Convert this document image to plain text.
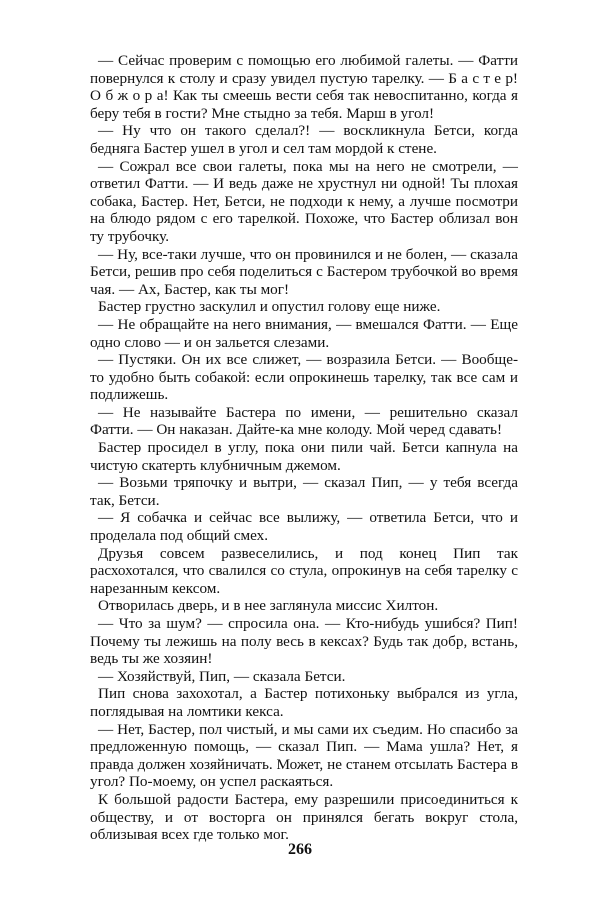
— Сейчас проверим с помощью его любимой галеты. — Фатти повернулся к столу и сразу увидел пустую тарелку. — Б а с т е р! О б ж о р а! Как ты смеешь вести себя так невоспитанно, когда я беру тебя в гости? Мне стыдно за тебя. Марш в угол!

— Ну что он такого сделал?! — воскликнула Бетси, когда бедняга Бастер ушел в угол и сел там мордой к стене.

— Сожрал все свои галеты, пока мы на него не смотрели, — ответил Фатти. — И ведь даже не хрустнул ни одной! Ты плохая собака, Бастер. Нет, Бетси, не подходи к нему, а лучше посмотри на блюдо рядом с его тарелкой. Похоже, что Бастер облизал вон ту трубочку.

— Ну, все-таки лучше, что он провинился и не болен, — сказала Бетси, решив про себя поделиться с Бастером трубочкой во время чая. — Ах, Бастер, как ты мог!

Бастер грустно заскулил и опустил голову еще ниже.

— Не обращайте на него внимания, — вмешался Фатти. — Еще одно слово — и он зальется слезами.

— Пустяки. Он их все слижет, — возразила Бетси. — Вообще-то удобно быть собакой: если опрокинешь тарелку, так все сам и подлижешь.

— Не называйте Бастера по имени, — решительно сказал Фатти. — Он наказан. Дайте-ка мне колоду. Мой черед сдавать!

Бастер просидел в углу, пока они пили чай. Бетси капнула на чистую скатерть клубничным джемом.

— Возьми тряпочку и вытри, — сказал Пип, — у тебя всегда так, Бетси.

— Я собачка и сейчас все вылижу, — ответила Бетси, что и проделала под общий смех.

Друзья совсем развеселились, и под конец Пип так расхохотался, что свалился со стула, опрокинув на себя тарелку с нарезанным кексом.

Отворилась дверь, и в нее заглянула миссис Хилтон.

— Что за шум? — спросила она. — Кто-нибудь ушибся? Пип! Почему ты лежишь на полу весь в кексах? Будь так добр, встань, ведь ты же хозяин!

— Хозяйствуй, Пип, — сказала Бетси.

Пип снова захохотал, а Бастер потихоньку выбрался из угла, поглядывая на ломтики кекса.

— Нет, Бастер, пол чистый, и мы сами их съедим. Но спасибо за предложенную помощь, — сказал Пип. — Мама ушла? Нет, я правда должен хозяйничать. Может, не станем отсылать Бастера в угол? По-моему, он успел раскаяться.

К большой радости Бастера, ему разрешили присоединиться к обществу, и от восторга он принялся бегать вокруг стола, облизывая всех где только мог.

266
